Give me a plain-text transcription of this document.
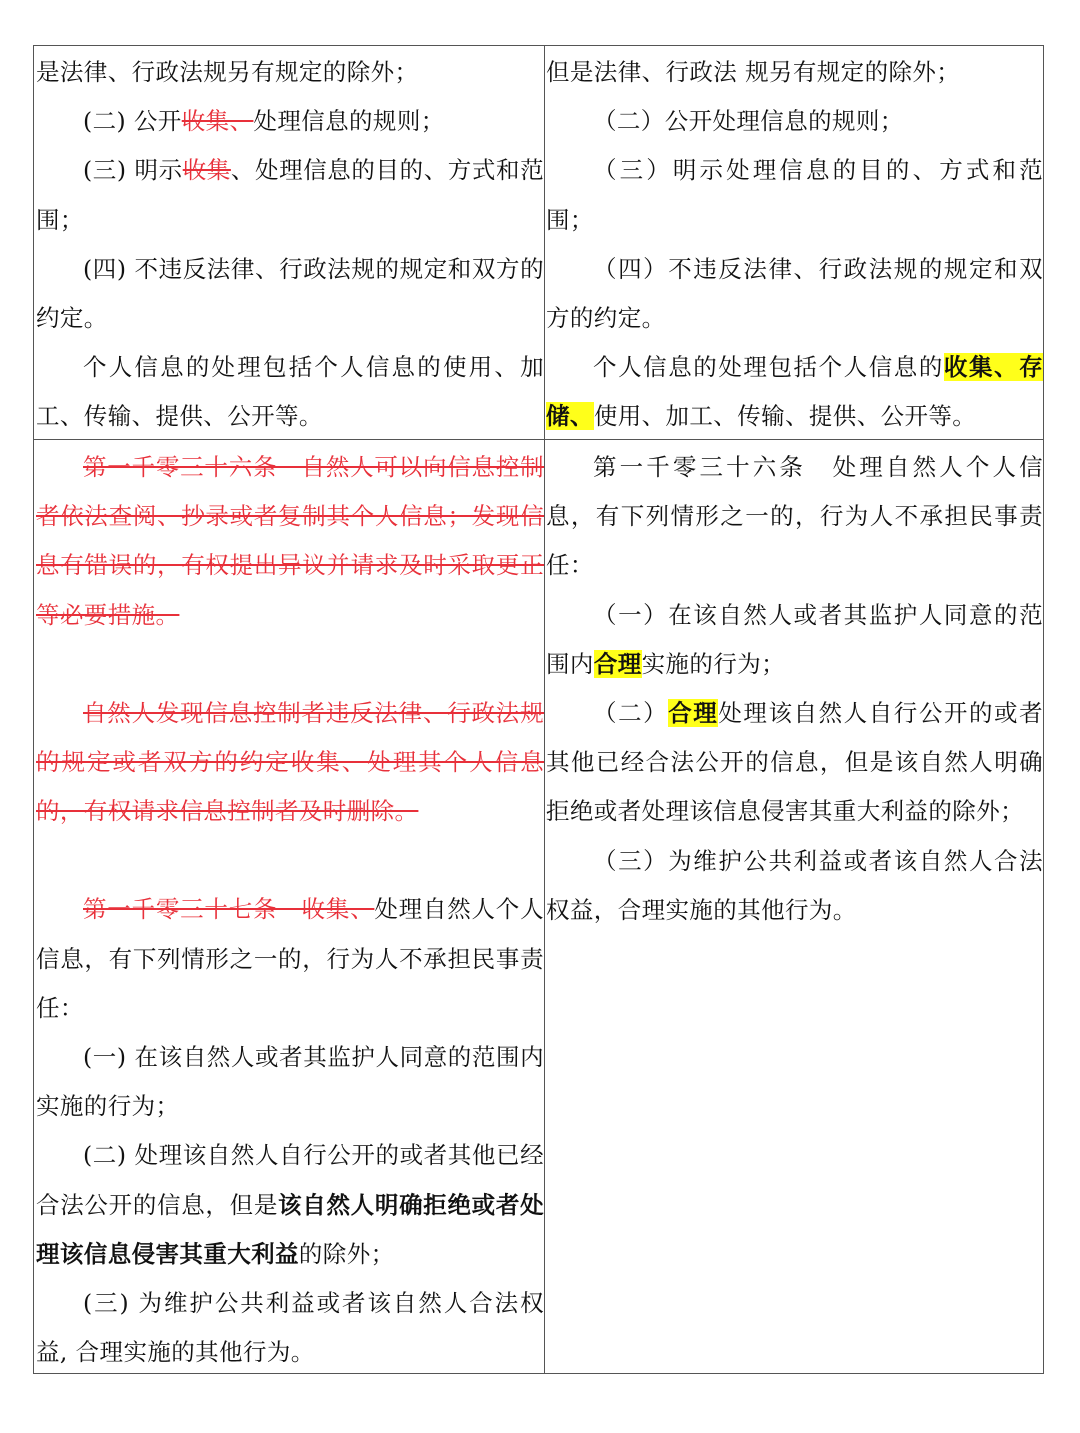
是法律、行政法规另有规定的除外；

(二) 公开收集、处理信息的规则；

(三) 明示收集、处理信息的目的、方式和范围；

(四) 不违反法律、行政法规的规定和双方的约定。

个人信息的处理包括个人信息的使用、加工、传输、提供、公开等。

但是法律、行政法 规另有规定的除外；

（二）公开处理信息的规则；

（三）明示处理信息的目的、方式和范围；

（四）不违反法律、行政法规的规定和双方的约定。

个人信息的处理包括个人信息的收集、存储、使用、加工、传输、提供、公开等。

第一千零三十六条　自然人可以向信息控制者依法查阅、抄录或者复制其个人信息；发现信息有错误的，有权提出异议并请求及时采取更正等必要措施。

自然人发现信息控制者违反法律、行政法规的规定或者双方的约定收集、处理其个人信息的，有权请求信息控制者及时删除。

第一千零三十七条　收集、处理自然人个人信息，有下列情形之一的，行为人不承担民事责任：

(一) 在该自然人或者其监护人同意的范围内实施的行为；

(二) 处理该自然人自行公开的或者其他已经合法公开的信息，但是该自然人明确拒绝或者处理该信息侵害其重大利益的除外；

(三) 为维护公共利益或者该自然人合法权益, 合理实施的其他行为。

第一千零三十六条　处理自然人个人信息，有下列情形之一的，行为人不承担民事责任：

（一）在该自然人或者其监护人同意的范围内合理实施的行为；

（二）合理处理该自然人自行公开的或者其他已经合法公开的信息，但是该自然人明确拒绝或者处理该信息侵害其重大利益的除外；

（三）为维护公共利益或者该自然人合法权益，合理实施的其他行为。
